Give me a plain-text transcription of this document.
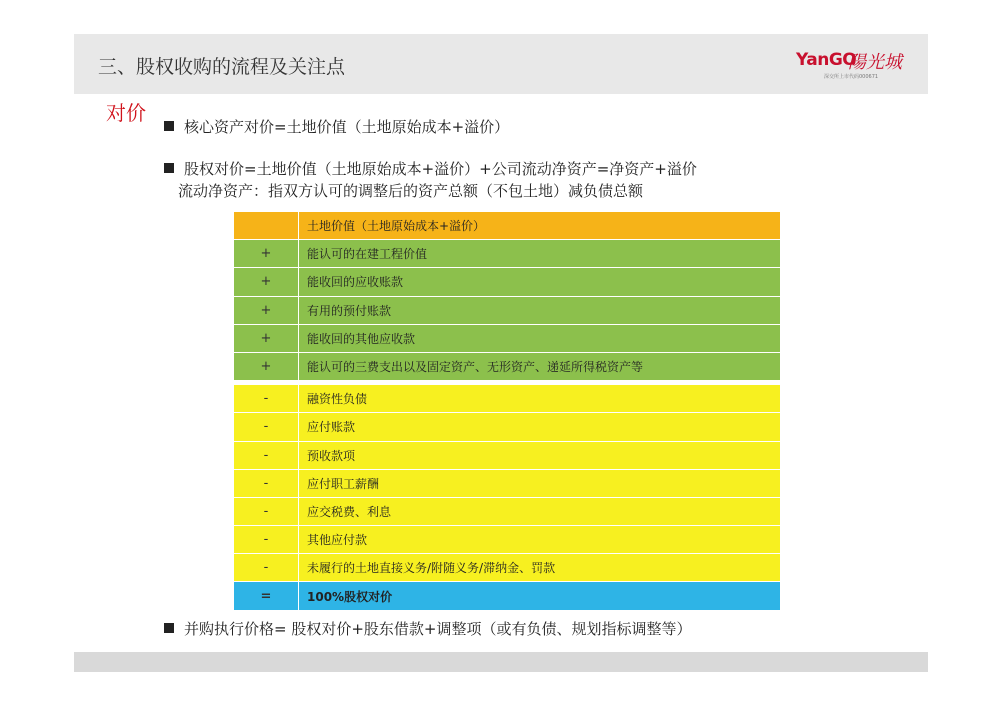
三、股权收购的流程及关注点	YanGO
陽光城
深交所上市代码000671
对价
核心资产对价=土地价值（土地原始成本+溢价）
股权对价=土地价值（土地原始成本+溢价）+公司流动净资产=净资产+溢价
流动净资产：指双方认可的调整后的资产总额（不包土地）减负债总额
	土地价值（土地原始成本+溢价）
+	能认可的在建工程价值
+	能收回的应收账款
+	有用的预付账款
+	能收回的其他应收款
+	能认可的三费支出以及固定资产、无形资产、递延所得税资产等

-	融资性负债
-	应付账款
-	预收款项
-	应付职工薪酬
-	应交税费、利息
-	其他应付款
-	未履行的土地直接义务/附随义务/滞纳金、罚款
=	100%股权对价
并购执行价格= 股权对价+股东借款+调整项（或有负债、规划指标调整等）
